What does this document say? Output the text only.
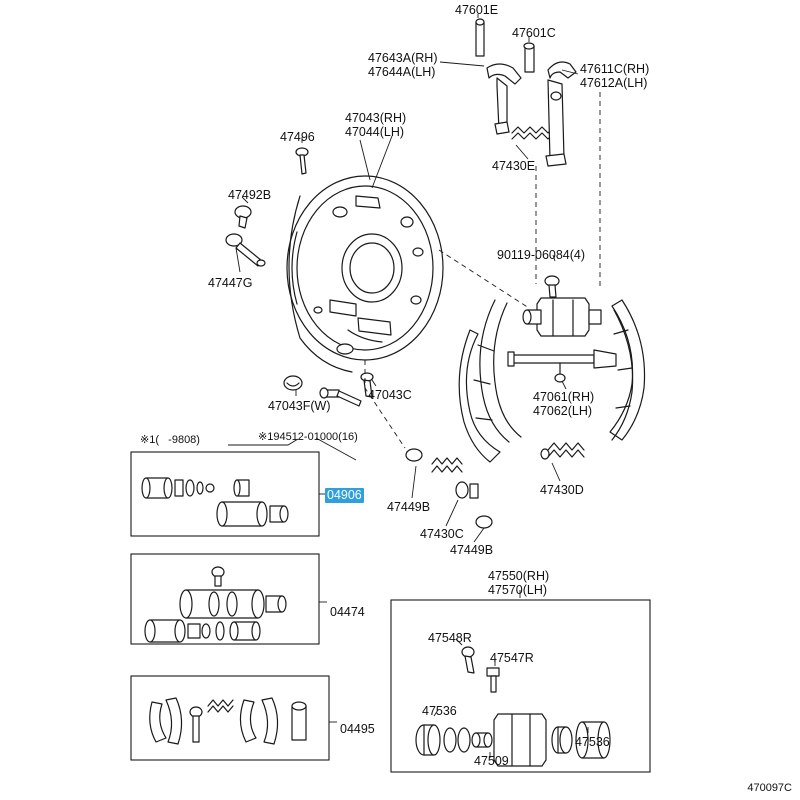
47601E
47601C
47643A(RH)
47644A(LH)	47611C(RH)
47612A(LH)
47043(RH)
47044(LH)
47496
47430E
47492B
90119-06084(4)
47447G
47043C	47061(RH)
47062(LH)
47043F(W)
※1(   -9808)	※194512-01000(16)
47430D
04906
47449B
47430C
47449B
47550(RH)
47570(LH)
04474
47548R
47547R
47536
47536
47509
04495
470097C
